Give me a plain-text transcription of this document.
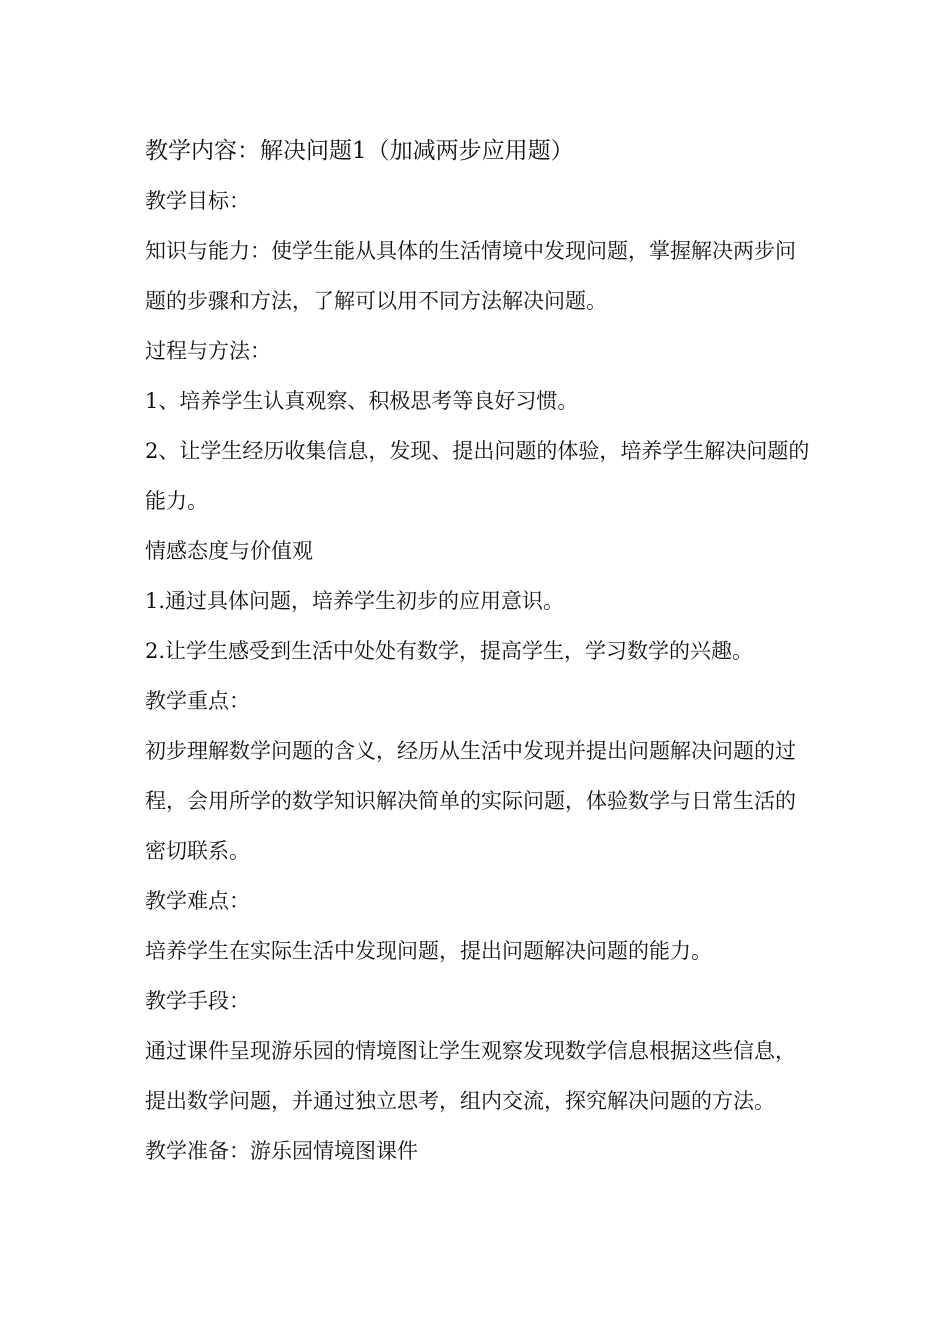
教学内容：解决问题1（加减两步应用题）

教学目标：

知识与能力：使学生能从具体的生活情境中发现问题，掌握解决两步问题的步骤和方法，了解可以用不同方法解决问题。

过程与方法：

1、培养学生认真观察、积极思考等良好习惯。

2、让学生经历收集信息，发现、提出问题的体验，培养学生解决问题的能力。

情感态度与价值观

1.通过具体问题，培养学生初步的应用意识。

2.让学生感受到生活中处处有数学，提高学生，学习数学的兴趣。

教学重点：

初步理解数学问题的含义，经历从生活中发现并提出问题解决问题的过程，会用所学的数学知识解决简单的实际问题，体验数学与日常生活的密切联系。

教学难点：

培养学生在实际生活中发现问题，提出问题解决问题的能力。

教学手段：

通过课件呈现游乐园的情境图让学生观察发现数学信息根据这些信息，提出数学问题，并通过独立思考，组内交流，探究解决问题的方法。

教学准备：游乐园情境图课件
